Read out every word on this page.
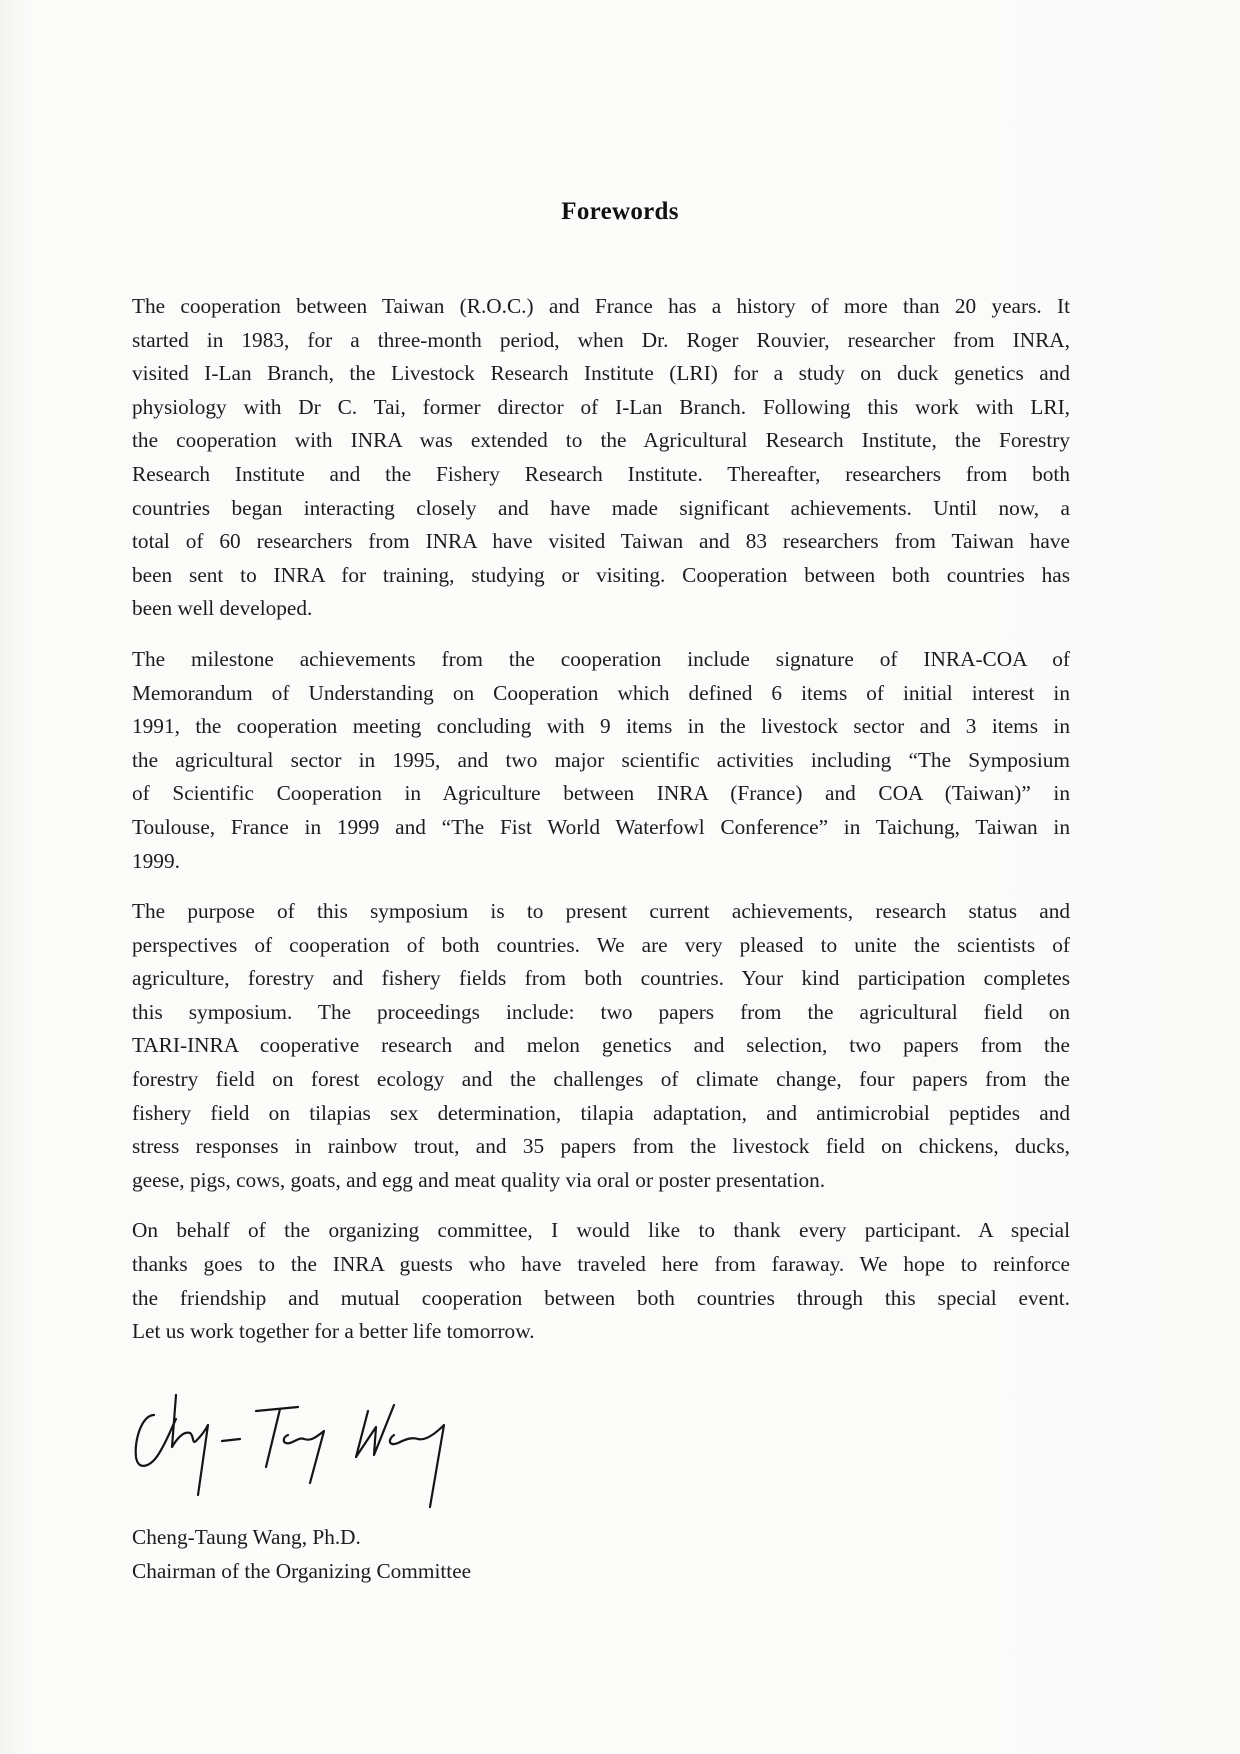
Forewords
The cooperation between Taiwan (R.O.C.) and France has a history of more than 20 years. It
started in 1983, for a three-month period, when Dr. Roger Rouvier, researcher from INRA,
visited I-Lan Branch, the Livestock Research Institute (LRI) for a study on duck genetics and
physiology with Dr C. Tai, former director of I-Lan Branch. Following this work with LRI,
the cooperation with INRA was extended to the Agricultural Research Institute, the Forestry
Research Institute and the Fishery Research Institute. Thereafter, researchers from both
countries began interacting closely and have made significant achievements. Until now, a
total of 60 researchers from INRA have visited Taiwan and 83 researchers from Taiwan have
been sent to INRA for training, studying or visiting. Cooperation between both countries has
been well developed.
The milestone achievements from the cooperation include signature of INRA-COA of
Memorandum of Understanding on Cooperation which defined 6 items of initial interest in
1991, the cooperation meeting concluding with 9 items in the livestock sector and 3 items in
the agricultural sector in 1995, and two major scientific activities including “The Symposium
of Scientific Cooperation in Agriculture between INRA (France) and COA (Taiwan)” in
Toulouse, France in 1999 and “The Fist World Waterfowl Conference” in Taichung, Taiwan in
1999.
The purpose of this symposium is to present current achievements, research status and
perspectives of cooperation of both countries. We are very pleased to unite the scientists of
agriculture, forestry and fishery fields from both countries. Your kind participation completes
this symposium. The proceedings include: two papers from the agricultural field on
TARI-INRA cooperative research and melon genetics and selection, two papers from the
forestry field on forest ecology and the challenges of climate change, four papers from the
fishery field on tilapias sex determination, tilapia adaptation, and antimicrobial peptides and
stress responses in rainbow trout, and 35 papers from the livestock field on chickens, ducks,
geese, pigs, cows, goats, and egg and meat quality via oral or poster presentation.
On behalf of the organizing committee, I would like to thank every participant. A special
thanks goes to the INRA guests who have traveled here from faraway. We hope to reinforce
the friendship and mutual cooperation between both countries through this special event.
Let us work together for a better life tomorrow.
Cheng-Taung Wang, Ph.D.
Chairman of the Organizing Committee
